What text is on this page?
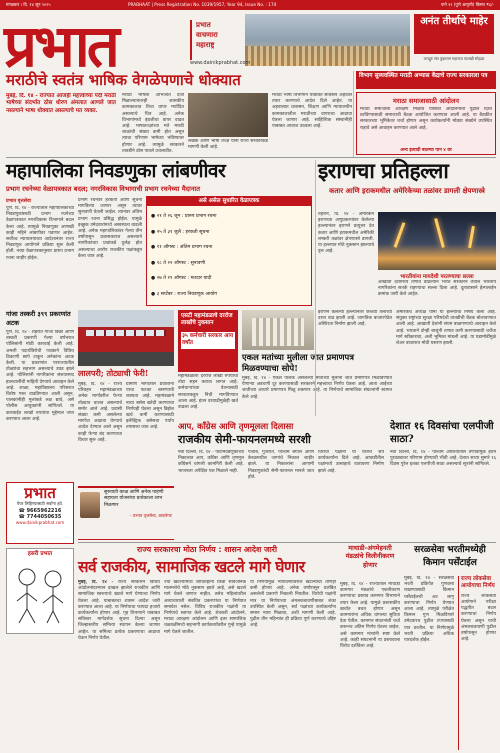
मंगळवार । दि. १४ जून २०२५	PRABHAAT | Press Registration No. 1039/1957, Year 94, Issue No. : 174	पाने १२ (पुणे आवृत्ती) किंमत ₹६/-
प्रभात	प्रभात वाचणारा महाराष्ट्र
अनंत तीर्थाचे माहेर
जगद्गुरु संत तुकाराम महाराज पालखी सोहळा
www.dainikprabhat.com
मराठीचे स्वतंत्र भाषिक वेगळेपणाचे धोक्यात
मुंबई, दि. १४ - राज्यात आजही महत्त्वाच्या पदी मराठी भाषेच्या संदर्भात ठोस धोरण अंमलात आणले जात नसल्याने भाषा धोक्यात असल्याचे मत व्यक्त.
मराठी भाषेला अभिजात दर्जा मिळाल्यानंतरही शासकीय कामकाजात तिचा वापर मर्यादित असल्याचे चित्र आहे. अनेक विभागांमध्ये इंग्रजीचा वापर वाढत आहे. भाषातज्ज्ञांच्या मते मराठी शाळांची संख्या कमी होत असून त्याचा परिणाम भाषेच्या भविष्यावर होणार आहे. त्यामुळे सरकारने तातडीने ठोस पावले उचलावीत.
लेखक आणि भाषा तज्ज्ञ यांनी राज्य सरकारकडे मागणी केली आहे.
मराठी भाषा विभागाने याबाबत सविस्तर अहवाल तयार करण्याचे आदेश दिले आहेत. या अहवालात प्रशासन, शिक्षण आणि न्यायालयीन कामकाजातील मराठीच्या वापराचा आढावा घेतला जाणार आहे. साहित्यिक संस्थांनीही याबाबत आवाज उठवला आहे.
विभाग सुव्यवस्थित मराठी अभ्यास केंद्राचे राज्य सरकारला पत्र
मराठा समाजासाठी आंदोलन
मराठा समाजाला आरक्षण मिळावे यासाठी आंदोलनाची पुढील दिशा ठरविण्यासाठी समाजाची बैठक आयोजित करण्यात आली आहे. या बैठकीत सरकारच्या भूमिकेवर चर्चा होणार असून कार्यकर्त्यांनी मोठ्या संख्येने उपस्थित राहावे असे आवाहन करण्यात आले आहे.
अन्य इत्यादी बातम्या पान ४ वर
महापालिका निवडणुका लांबणीवर
प्रभाग रचनेच्या वेळापत्रकात बदल; नगरविकास विभागाची प्रभाग रचनेच्या मैदानात
प्रभात वृत्तसेवा
पुणे, दि. १४ - राज्यातील महापालिकांच्या निवडणुकांसाठी प्रभाग रचनेच्या वेळापत्रकात नगरविकास विभागाने बदल केला आहे. त्यामुळे निवडणुका आणखी काही महिने लांबणीवर पडणार आहेत. सर्वोच्च न्यायालयाच्या आदेशानंतर राज्य निवडणूक आयोगाने प्रक्रिया सुरू केली होती. नव्या वेळापत्रकानुसार प्रारुप प्रभाग रचना जाहीर होईल.
प्रभाग रचनेवर हरकती आणि सूचना मागविल्या जाणार असून त्यावर सुनावणी घेतली जाईल. त्यानंतर अंतिम प्रभाग रचना प्रसिद्ध होईल. यामुळे इच्छुक उमेदवारांमध्ये अस्वस्थता वाढली आहे. अनेक महापालिकांवर गेल्या तीन वर्षांपासून प्रशासकराज असल्याने नागरिकांच्या प्रश्नांकडे दुर्लक्ष होत असल्याचा आरोप राजकीय पक्षांकडून केला जात आहे.
असे असेल सुधारित वेळापत्रक
● २१ ते २६ जून : प्रारुप प्रभाग रचना
● २५ ते ३१ जुलै : हरकती सूचना
● ११ ऑगस्ट : अंतिम प्रभाग रचना
● १८ ते २२ ऑगस्ट : सुनावणी
● २७ ते २९ ऑगस्ट : मतदार यादी
● ३ सप्टेंबर : राज्य निवडणूक आयोग
इराणचा प्रतिहल्ला
कतार आणि इराकमधील अमेरिकेच्या तळांवर डागली क्षेपणास्त्रे
तेहरान, दि. १४ - अमेरिकेने इराणच्या अणुप्रकल्पांवर केलेल्या हल्ल्यानंतर इराणने प्रत्युत्तर देत कतार आणि इराकमधील अमेरिकी लष्करी तळांवर क्षेपणास्त्रे डागली. या हल्ल्यात मोठे नुकसान झाल्याचे वृत्त आहे.
भारतीयांना मायदेशी परतण्याचा सल्ला
आखाती देशांमध्ये तणाव वाढल्याने भारत सरकारने तेथील भारतीय नागरिकांना सतर्क राहण्याचा सल्ला दिला आहे. दूतावासाने हेल्पलाईन क्रमांक जारी केले आहेत.
गांजा तस्करी ३९९ प्रकरणांत अटक
पुणे, दि. १४ - शहरात गांजा विक्री आणि तस्करी प्रकरणी गेल्या वर्षभरात पोलिसांनी मोठी कारवाई केली आहे. अमली पदार्थविरोधी पथकाने विविध ठिकाणी छापे टाकून अनेकांना अटक केली. या प्रकरणांत परराज्यातील टोळ्यांचा सहभाग असल्याचे उघड झाले आहे. पोलिसांनी नागरिकांना संशयास्पद हालचालींची माहिती देण्याचे आवाहन केले आहे. शाळा, महाविद्यालय परिसरात विशेष गस्त वाढविण्यात आली असून, पालकांनीही मुलांकडे लक्ष द्यावे, असे पोलीस आयुक्तांनी सांगितले. या कारवाईत लाखो रुपयांचा मुद्देमाल जप्त करण्यात आला आहे.
लालपरी; तोट्याची फेरी!
मुंबई, दि. १४ - राज्य परिवहन महामंडळाच्या अनेक मार्गांवरील फेऱ्या तोट्यात चालत असल्याचे समोर आले आहे. प्रवासी संख्या कमी असलेल्या मार्गांचा आढावा घेण्याचे आदेश देण्यात आले असून काही फेऱ्या बंद करण्याचा विचार सुरू आहे.
ग्रामीण भागातील प्रवाशांना याचा फटका बसण्याची शक्यता आहे. महामंडळाने नव्या बसेस खरेदी करण्याचा निर्णयही घेतला असून डिझेल खर्च कमी करण्यासाठी इलेक्ट्रिक बसेसचा पर्याय तपासला जात आहे.
एसटी महामंडळाचे दररोज लाखोंचे नुकसान
३५ कर्मचारी सरकार आय वर्षांत
महामंडळाला दररोज लाखो रुपयांचा तोटा सहन करावा लागत आहे. कर्मचाऱ्यांच्या वेतनासाठी सरकारकडून निधी मागविण्यात आला आहे. इंधन दरवाढीमुळेही खर्च वाढला आहे.
एकल मतांच्या मुलीला जात प्रमाणपत्र मिळवण्याचा सोपे!
मुंबई, दि. १४ - एकल पालक असलेल्या मातांच्या मुलांना जात प्रमाणपत्र मिळविण्यात येणाऱ्या अडचणी दूर करण्यासाठी सरकारने महत्त्वाचा निर्णय घेतला आहे. आता आईच्या जातीच्या आधारे प्रमाणपत्र मिळू शकणार आहे. या निर्णयाचे सामाजिक संघटनांनी स्वागत केले आहे.
इराणने केलेल्या हल्ल्यानंतर कच्च्या तेलाच्या दरात वाढ झाली आहे. जागतिक बाजारपेठेत अस्थिरता निर्माण झाली आहे.
अमेरिकेचे अध्यक्ष यांनी या हल्ल्याचा निषेध केला आहे. संयुक्त राष्ट्रांच्या सुरक्षा परिषदेची तातडीची बैठक बोलावण्यात आली आहे. आखाती देशांनी संयम बाळगण्याचे आवाहन केले आहे. भारताने दोन्ही बाजूंनी तणाव कमी करण्यासाठी चर्चेचा मार्ग स्वीकारावा, अशी भूमिका मांडली आहे. या घडामोडींमुळे शेअर बाजारात मोठी घसरण झाली.
आप, काँग्रेस आणि तृणमूलला दिलासा
राजकीय सेमी-फायनलमध्ये सरशी
नवी दिल्ली, दि. १४ - पोटनिवडणुकांच्या निकालात आप, काँग्रेस आणि तृणमूल काँग्रेसने चांगली कामगिरी केली आहे. भाजपला अपेक्षित यश मिळाले नाही.
पंजाब, गुजरात, पश्चिम बंगाल आणि केरळमधील जागांचे निकाल जाहीर झाले. या निकालांना आगामी निवडणुकांची सेमी-फायनल मानले जात होते.
विरोधी पक्षांनी या यशाचे श्रेय कार्यकर्त्यांना दिले आहे. आघाडीतील पक्षांमध्ये उत्साहाचे वातावरण निर्माण झाले आहे.
देशात १६ दिवसांचा एलपीजी साठा?
नवी दिल्ली, दि. १४ - पश्चिम आशियातील तणावामुळे इंधन पुरवठ्यावर परिणाम होण्याची भीती आहे. देशात सध्या सुमारे १६ दिवस पुरेल इतका एलपीजी साठा असल्याचे सूत्रांनी सांगितले.
प्रभात
पेपर लिहिण्यासाठी सर्वांना हवे.
☎ 9665962216
☎ 7744050635
www.dainikprabhat.com
सुरुवाती काळ आणि अनेक पाहणी सहायता योजनांचा प्रत्येकाला लाभ मिळणार
- प्रभात वृत्तसेवा, ठाकरेगट
हसरी प्रभात	राज्य सरकारचा मोठा निर्णय : शासन आदेश जारी
सर्व राजकीय, सामाजिक खटले मागे घेणार
मुंबई, दि. १४ - राज्य सरकारने विविध आंदोलनांदरम्यान दाखल झालेले राजकीय आणि सामाजिक स्वरूपाचे खटले मागे घेण्याचा निर्णय घेतला आहे. याबाबतचा शासन आदेश जारी करण्यात आला आहे. या निर्णयाचा फायदा हजारो कार्यकर्त्यांना होणार आहे. गृह विभागाने याबाबत सविस्तर मार्गदर्शक सूचना दिल्या असून जिल्हास्तरीय समित्या स्थापन केल्या जाणार आहेत. या समित्या प्रत्येक प्रकरणाचा आढावा घेऊन निर्णय घेतील.
ज्या खटल्यांमध्ये जीवितहानी किंवा सार्वजनिक मालमत्तेचे मोठे नुकसान झाले आहे, असे खटले मागे घेतले जाणार नाहीत. तसेच महिलांवरील अत्याचाराशी संबंधित प्रकरणांचा या निर्णयात समावेश नसेल. विविध राजकीय पक्षांनी या निर्णयाचे स्वागत केले आहे. शेतकरी आंदोलने, मराठा आरक्षण आंदोलन आणि इतर सामाजिक चळवळींमध्ये सहभागी कार्यकर्त्यांवरील गुन्हे यामुळे मागे घेतले जातील.
या निर्णयामुळे न्यायालयांवरील खटल्यांचा ताणही कमी होणार आहे. अनेक वर्षांपासून प्रलंबित असलेली प्रकरणे निकाली निघतील. विरोधी पक्षांनी मात्र या निर्णयाच्या अंमलबजावणीबाबत शंका उपस्थित केली असून, सर्व पक्षांच्या कार्यकर्त्यांना समान न्याय मिळावा, अशी मागणी केली आहे. पुढील तीन महिन्यांत ही प्रक्रिया पूर्ण करण्याचे उद्दिष्ट आहे.
माथाडी-अंगमेहनती मंडळांचे विलीनीकरण होणार
मुंबई, दि. १४ - राज्यातील माथाडी कामगार मंडळांचे एकत्रीकरण करण्याचा प्रस्ताव कामगार विभागाने तयार केला आहे. यामुळे प्रशासकीय खर्चात बचत होणार असून कामगारांना अधिक चांगल्या सुविधा देता येतील. कामगार संघटनांशी चर्चा करूनच अंतिम निर्णय घेतला जाईल, असे कामगार मंत्र्यांनी स्पष्ट केले आहे. काही संघटनांनी या प्रस्तावाला विरोध दर्शविला आहे.
सरळसेवा भरतीमध्येही किमान पर्सेंटाईल
मुंबई, दि. १४ - सरळसेवा भरती प्रक्रियेत गुणवत्ता राखण्यासाठी किमान पर्सेंटाईलची अट लागू करण्याचा निर्णय घेण्यात आला आहे. त्यामुळे परीक्षेत किमान गुण मिळविणारे उमेदवारच पुढील टप्प्यासाठी पात्र ठरतील. या निर्णयामुळे भरती प्रक्रिया अधिक पारदर्शक होईल.
राज्य लोकसेवा आयोगाचा निर्णय
राज्य लोकसेवा आयोगाने परीक्षा पद्धतीत बदल करण्याचा निर्णय घेतला असून याची अंमलबजावणी पुढील वर्षापासून होणार आहे.
